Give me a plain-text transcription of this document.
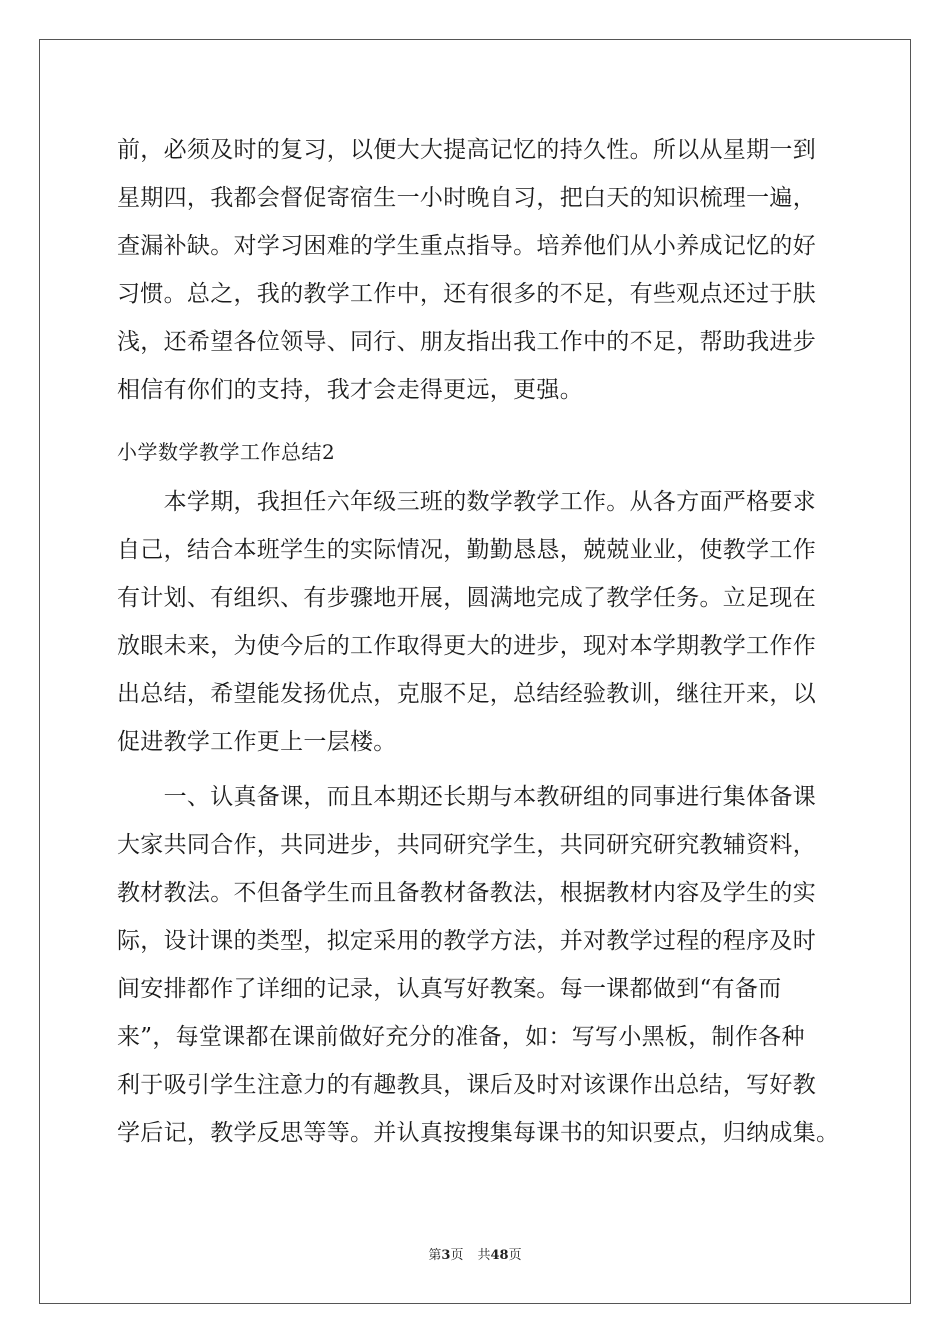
前，必须及时的复习，以便大大提高记忆的持久性。所以从星期一到
星期四，我都会督促寄宿生一小时晚自习，把白天的知识梳理一遍，
查漏补缺。对学习困难的学生重点指导。培养他们从小养成记忆的好
习惯。总之，我的教学工作中，还有很多的不足，有些观点还过于肤
浅，还希望各位领导、同行、朋友指出我工作中的不足，帮助我进步
相信有你们的支持，我才会走得更远，更强。
小学数学教学工作总结2
　　本学期，我担任六年级三班的数学教学工作。从各方面严格要求
自己，结合本班学生的实际情况，勤勤恳恳，兢兢业业，使教学工作
有计划、有组织、有步骤地开展，圆满地完成了教学任务。立足现在
放眼未来，为使今后的工作取得更大的进步，现对本学期教学工作作
出总结，希望能发扬优点，克服不足，总结经验教训，继往开来，以
促进教学工作更上一层楼。
　　一、认真备课，而且本期还长期与本教研组的同事进行集体备课
大家共同合作，共同进步，共同研究学生，共同研究研究教辅资料，
教材教法。不但备学生而且备教材备教法，根据教材内容及学生的实
际，设计课的类型，拟定采用的教学方法，并对教学过程的程序及时
间安排都作了详细的记录，认真写好教案。每一课都做到“有备而
来”，每堂课都在课前做好充分的准备，如：写写小黑板，制作各种
利于吸引学生注意力的有趣教具，课后及时对该课作出总结，写好教
学后记，教学反思等等。并认真按搜集每课书的知识要点，归纳成集。
第3页 共48页
